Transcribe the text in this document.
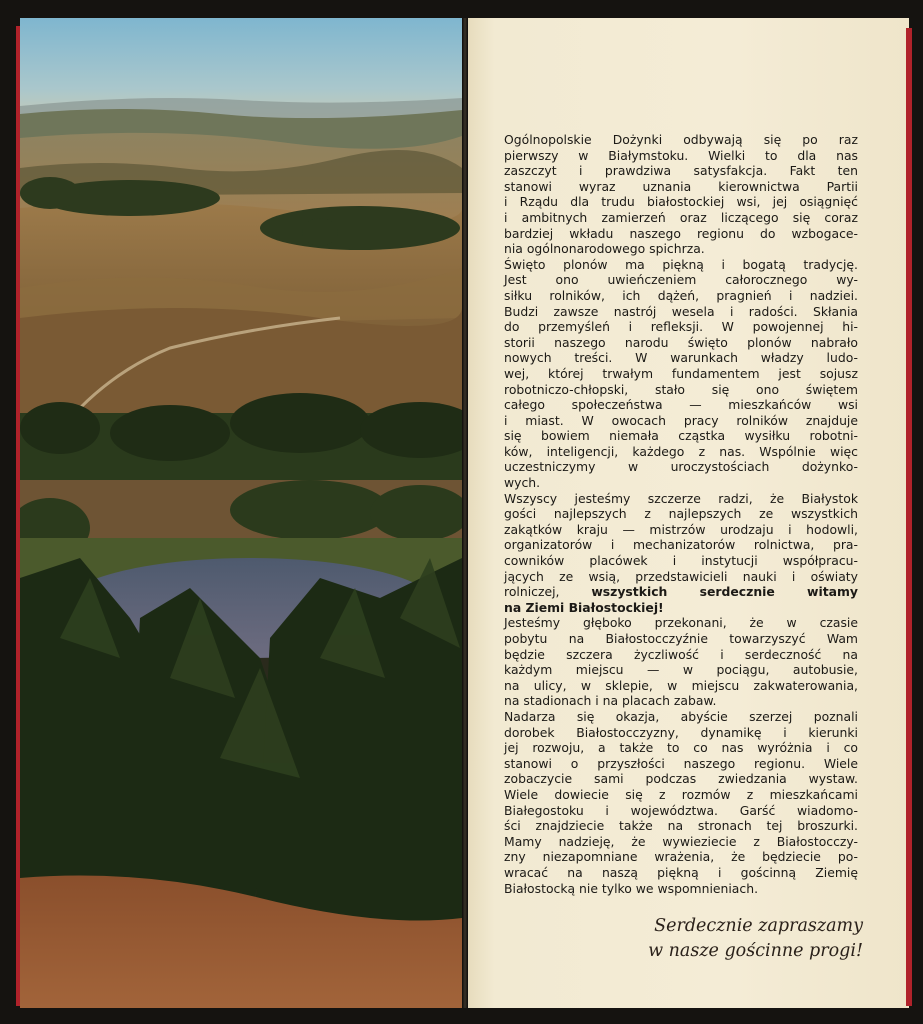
Ogólnopolskie Dożynki odbywają się po raz
pierwszy w Białymstoku. Wielki to dla nas
zaszczyt i prawdziwa satysfakcja. Fakt ten
stanowi wyraz uznania kierownictwa Partii
i Rządu dla trudu białostockiej wsi, jej osiągnięć
i ambitnych zamierzeń oraz liczącego się coraz
bardziej wkładu naszego regionu do wzbogace-
nia ogólnonarodowego spichrza.

Święto plonów ma piękną i bogatą tradycję.
Jest ono uwieńczeniem całorocznego wy-
siłku rolników, ich dążeń, pragnień i nadziei.
Budzi zawsze nastrój wesela i radości. Skłania
do przemyśleń i refleksji. W powojennej hi-
storii naszego narodu święto plonów nabrało
nowych treści. W warunkach władzy ludo-
wej, której trwałym fundamentem jest sojusz
robotniczo-chłopski, stało się ono świętem
całego społeczeństwa — mieszkańców wsi
i miast. W owocach pracy rolników znajduje
się bowiem niemała cząstka wysiłku robotni-
ków, inteligencji, każdego z nas. Wspólnie więc
uczestniczymy w uroczystościach dożynko-
wych.

Wszyscy jesteśmy szczerze radzi, że Białystok
gości najlepszych z najlepszych ze wszystkich
zakątków kraju — mistrzów urodzaju i hodowli,
organizatorów i mechanizatorów rolnictwa, pra-
cowników placówek i instytucji współpracu-
jących ze wsią, przedstawicieli nauki i oświaty
rolniczej, wszystkich serdecznie witamy
na Ziemi Białostockiej!

Jesteśmy głęboko przekonani, że w czasie
pobytu na Białostocczyźnie towarzyszyć Wam
będzie szczera życzliwość i serdeczność na
każdym miejscu — w pociągu, autobusie,
na ulicy, w sklepie, w miejscu zakwaterowania,
na stadionach i na placach zabaw.

Nadarza się okazja, abyście szerzej poznali
dorobek Białostocczyzny, dynamikę i kierunki
jej rozwoju, a także to co nas wyróżnia i co
stanowi o przyszłości naszego regionu. Wiele
zobaczycie sami podczas zwiedzania wystaw.
Wiele dowiecie się z rozmów z mieszkańcami
Białegostoku i województwa. Garść wiadomo-
ści znajdziecie także na stronach tej broszurki.
Mamy nadzieję, że wywieziecie z Białostocczy-
zny niezapomniane wrażenia, że będziecie po-
wracać na naszą piękną i gościnną Ziemię
Białostocką nie tylko we wspomnieniach.

Serdecznie zapraszamy
w nasze gościnne progi!
